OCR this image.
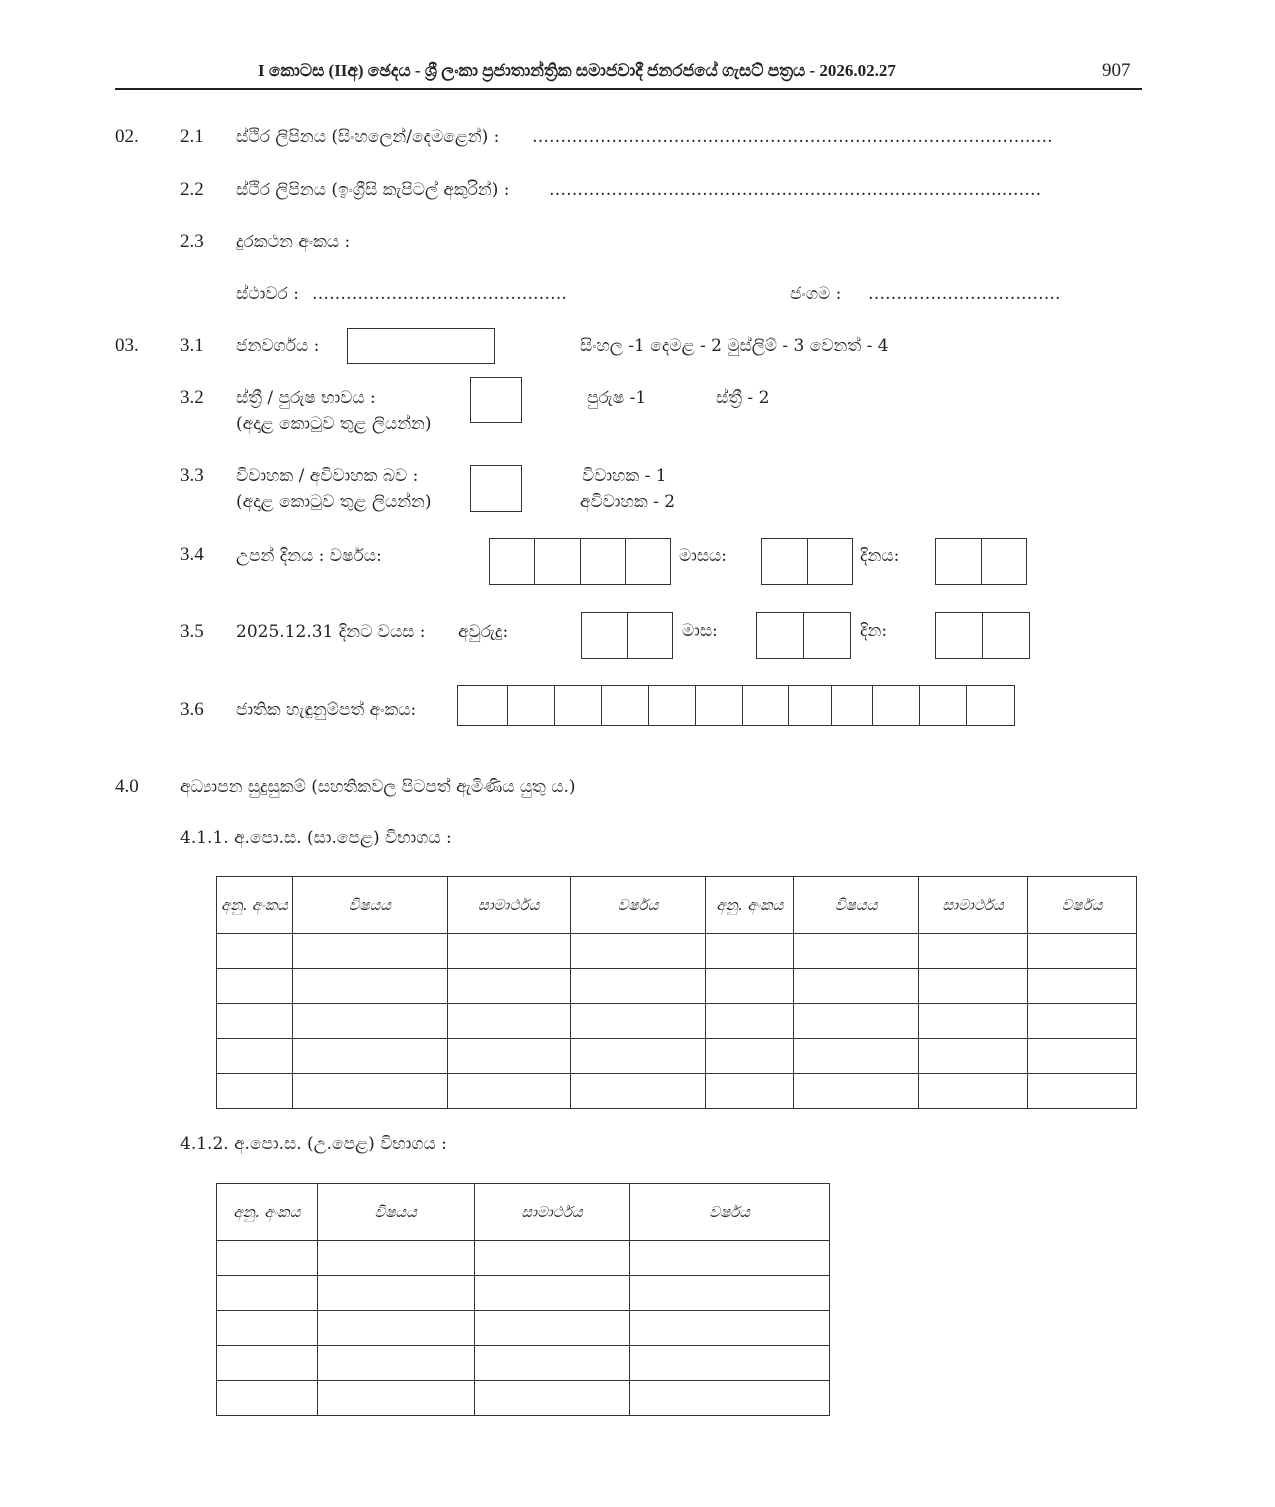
I කොටස (IIඅ) ඡෙදය - ශ්‍රී ලංකා ප්‍රජාතාන්ත්‍රික සමාජවාදී ජනරජයේ ගැසට් පත්‍රය - 2026.02.27	907
02. 2.1 ස්ථිර ලිපිනය (සිංහලෙන්/දෙමළෙන්) : ……………………………………………………………………………..…
2.2 ස්ථිර ලිපිනය (ඉංග්‍රීසි කැපිටල් අකුරින්) : ……………………………………………………………………...……
2.3 දුරකථන අංකය :
ස්ථාවර : ………………………………………	ජංගම : …………………………….
03. 3.1 ජනවර්ගය :	සිංහල -1 දෙමළ - 2 මුස්ලිම් - 3 වෙනත් - 4
3.2 ස්ත්‍රී / පුරුෂ භාවය :
(අදාළ කොටුව තුළ ලියන්න)
පුරුෂ -1	ස්ත්‍රී - 2
3.3 විවාහක / අවිවාහක බව :
(අදාළ කොටුව තුළ ලියන්න)
විවාහක - 1
අවිවාහක - 2
3.4 උපන් දිනය : වර්ෂය:	මාසය:	දිනය:
3.5 2025.12.31 දිනට වයස : අවුරුදු:	මාස:	දින:
3.6 ජාතික හැඳුනුම්පත් අංකය:
4.0 අධ්‍යාපන සුදුසුකම් (සහතිකවල පිටපත් ඇමිණිය යුතු ය.)
4.1.1. අ.පො.ස. (සා.පෙළ) විභාගය :
අනු. අංකය	විෂයය	සාමාර්ථය	වර්ෂය	අනු. අංකය	විෂයය	සාමාර්ථය	වර්ෂය

4.1.2. අ.පො.ස. (උ.පෙළ) විභාගය :
අනු. අංකය	විෂයය	සාමාර්ථය	වර්ෂය
